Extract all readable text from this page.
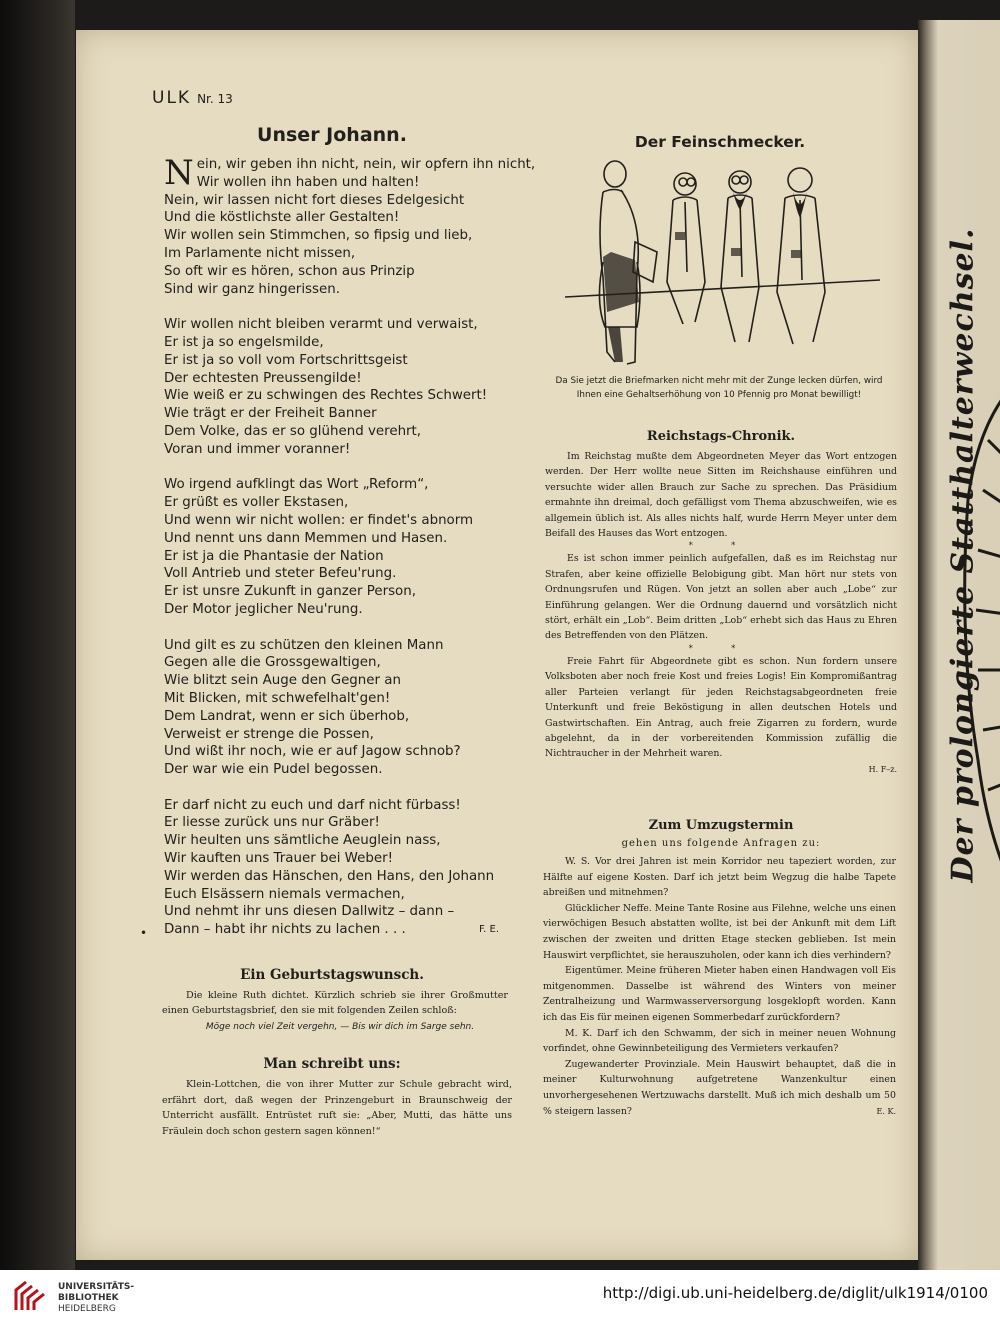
ULK Nr. 13
Unser Johann.
Nein, wir geben ihn nicht, nein, wir opfern ihn nicht,
Wir wollen ihn haben und halten!
Nein, wir lassen nicht fort dieses Edelgesicht
Und die köstlichste aller Gestalten!
Wir wollen sein Stimmchen, so fipsig und lieb,
Im Parlamente nicht missen,
So oft wir es hören, schon aus Prinzip
Sind wir ganz hingerissen.
Wir wollen nicht bleiben verarmt und verwaist,
Er ist ja so engelsmilde,
Er ist ja so voll vom Fortschrittsgeist
Der echtesten Preussengilde!
Wie weiß er zu schwingen des Rechtes Schwert!
Wie trägt er der Freiheit Banner
Dem Volke, das er so glühend verehrt,
Voran und immer voranner!
Wo irgend aufklingt das Wort „Reform“,
Er grüßt es voller Ekstasen,
Und wenn wir nicht wollen: er findet's abnorm
Und nennt uns dann Memmen und Hasen.
Er ist ja die Phantasie der Nation
Voll Antrieb und steter Befeu'rung.
Er ist unsre Zukunft in ganzer Person,
Der Motor jeglicher Neu'rung.
Und gilt es zu schützen den kleinen Mann
Gegen alle die Grossgewaltigen,
Wie blitzt sein Auge den Gegner an
Mit Blicken, mit schwefelhalt'gen!
Dem Landrat, wenn er sich überhob,
Verweist er strenge die Possen,
Und wißt ihr noch, wie er auf Jagow schnob?
Der war wie ein Pudel begossen.
Er darf nicht zu euch und darf nicht fürbass!
Er liesse zurück uns nur Gräber!
Wir heulten uns sämtliche Aeuglein nass,
Wir kauften uns Trauer bei Weber!
Wir werden das Hänschen, den Hans, den Johann
Euch Elsässern niemals vermachen,
Und nehmt ihr uns diesen Dallwitz – dann –
Dann – habt ihr nichts zu lachen . . .	F. E.
•
Ein Geburtstagswunsch.
Die kleine Ruth dichtet. Kürzlich schrieb sie ihrer Großmutter einen Geburtstagsbrief, den sie mit folgenden Zeilen schloß:
Möge noch viel Zeit vergehn, — Bis wir dich im Sarge sehn.
Man schreibt uns:
Klein-Lottchen, die von ihrer Mutter zur Schule gebracht wird, erfährt dort, daß wegen der Prinzengeburt in Braunschweig der Unterricht ausfällt. Entrüstet ruft sie: „Aber, Mutti, das hätte uns Fräulein doch schon gestern sagen können!“
Der Feinschmecker.
Da Sie jetzt die Briefmarken nicht mehr mit der Zunge lecken dürfen, wird Ihnen eine Gehaltserhöhung von 10 Pfennig pro Monat bewilligt!
Reichstags-Chronik.
Im Reichstag mußte dem Abgeordneten Meyer das Wort entzogen werden. Der Herr wollte neue Sitten im Reichshause einführen und versuchte wider allen Brauch zur Sache zu sprechen. Das Präsidium ermahnte ihn dreimal, doch gefälligst vom Thema abzuschweifen, wie es allgemein üblich ist. Als alles nichts half, wurde Herrn Meyer unter dem Beifall des Hauses das Wort entzogen.
* *
Es ist schon immer peinlich aufgefallen, daß es im Reichstag nur Strafen, aber keine offizielle Belobigung gibt. Man hört nur stets von Ordnungsrufen und Rügen. Von jetzt an sollen aber auch „Lobe“ zur Einführung gelangen. Wer die Ordnung dauernd und vorsätzlich nicht stört, erhält ein „Lob“. Beim dritten „Lob“ erhebt sich das Haus zu Ehren des Betreffenden von den Plätzen.
* *
Freie Fahrt für Abgeordnete gibt es schon. Nun fordern unsere Volksboten aber noch freie Kost und freies Logis! Ein Kompromißantrag aller Parteien verlangt für jeden Reichstagsabgeordneten freie Unterkunft und freie Beköstigung in allen deutschen Hotels und Gastwirtschaften. Ein Antrag, auch freie Zigarren zu fordern, wurde abgelehnt, da in der vorbereitenden Kommission zufällig die Nichtraucher in der Mehrheit waren.
H. F–z.
Zum Umzugstermin
gehen uns folgende Anfragen zu:
W. S. Vor drei Jahren ist mein Korridor neu tapeziert worden, zur Hälfte auf eigene Kosten. Darf ich jetzt beim Wegzug die halbe Tapete abreißen und mitnehmen?
Glücklicher Neffe. Meine Tante Rosine aus Filehne, welche uns einen vierwöchigen Besuch abstatten wollte, ist bei der Ankunft mit dem Lift zwischen der zweiten und dritten Etage stecken geblieben. Ist mein Hauswirt verpflichtet, sie herauszuholen, oder kann ich dies verhindern?
Eigentümer. Meine früheren Mieter haben einen Handwagen voll Eis mitgenommen. Dasselbe ist während des Winters von meiner Zentralheizung und Warmwasserversorgung losgeklopft worden. Kann ich das Eis für meinen eigenen Sommerbedarf zurückfordern?
M. K. Darf ich den Schwamm, der sich in meiner neuen Wohnung vorfindet, ohne Gewinnbeteiligung des Vermieters verkaufen?
Zugewanderter Provinziale. Mein Hauswirt behauptet, daß die in meiner Kulturwohnung aufgetretene Wanzenkultur einen unvorhergesehenen Wertzuwachs darstellt. Muß ich mich deshalb um 50 % steigern lassen?	E. K.
Der prolongierte Statthalterwechsel.
UNIVERSITÄTS-
BIBLIOTHEK
HEIDELBERG
http://digi.ub.uni-heidelberg.de/diglit/ulk1914/0100
